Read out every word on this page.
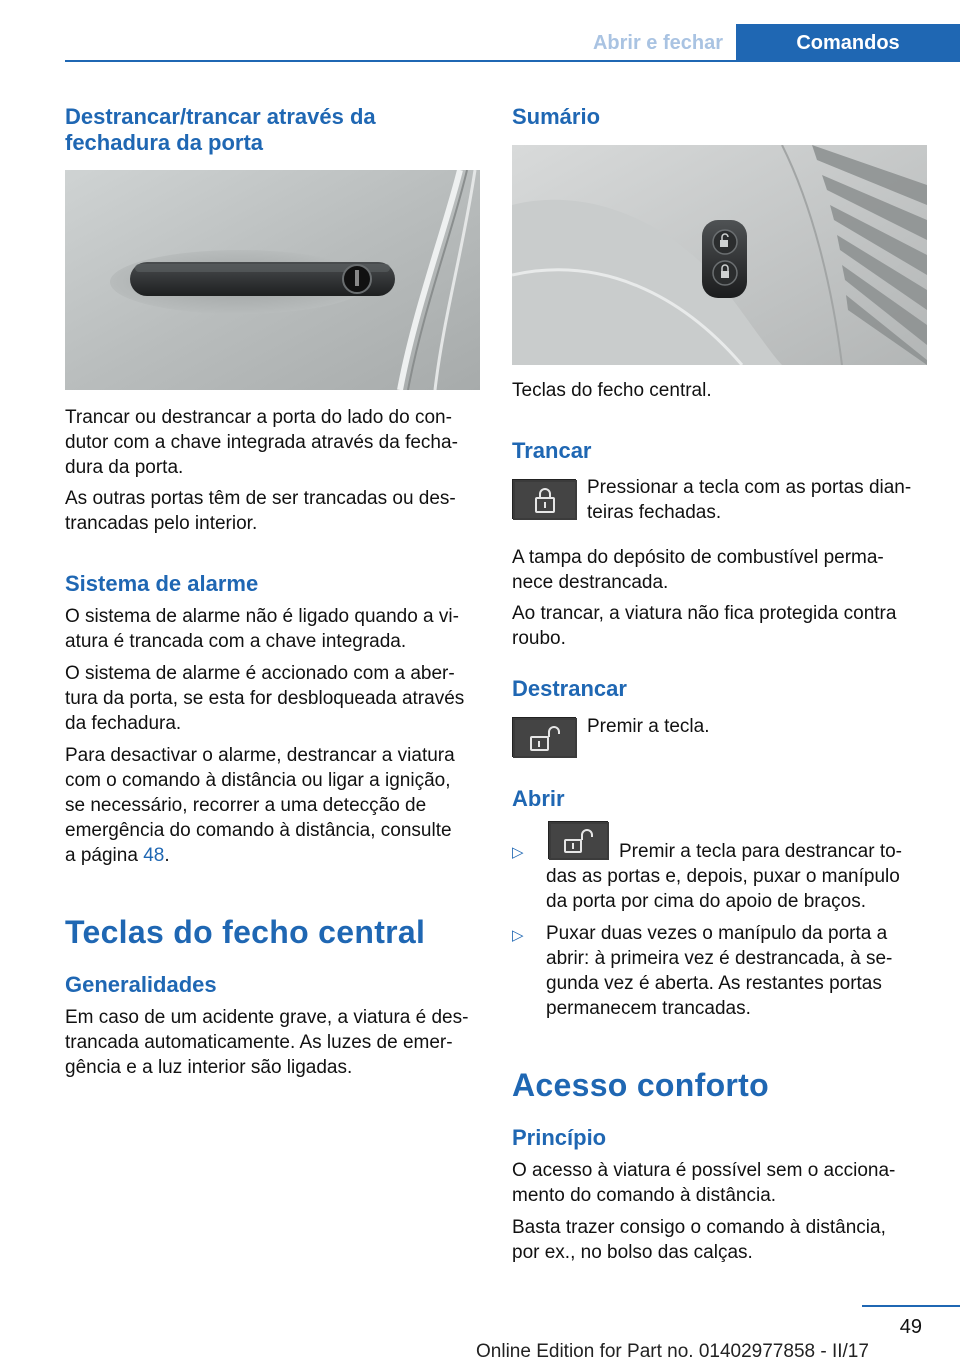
Abrir e fechar	Comandos
Destrancar/trancar através da
fechadura da porta
Trancar ou destrancar a porta do lado do con-
dutor com a chave integrada através da fecha-
dura da porta.
As outras portas têm de ser trancadas ou des-
trancadas pelo interior.
Sistema de alarme
O sistema de alarme não é ligado quando a vi-
atura é trancada com a chave integrada.
O sistema de alarme é accionado com a aber-
tura da porta, se esta for desbloqueada através
da fechadura.
Para desactivar o alarme, destrancar a viatura
com o comando à distância ou ligar a ignição,
se necessário, recorrer a uma detecção de
emergência do comando à distância, consulte
a página 48.
Teclas do fecho central
Generalidades
Em caso de um acidente grave, a viatura é des-
trancada automaticamente. As luzes de emer-
gência e a luz interior são ligadas.
Sumário
Teclas do fecho central.
Trancar
Pressionar a tecla com as portas dian-
teiras fechadas.
A tampa do depósito de combustível perma-
nece destrancada.
Ao trancar, a viatura não fica protegida contra
roubo.
Destrancar
Premir a tecla.
Abrir
▷	Premir a tecla para destrancar to-
das as portas e, depois, puxar o manípulo
da porta por cima do apoio de braços.
▷ Puxar duas vezes o manípulo da porta a
abrir: à primeira vez é destrancada, à se-
gunda vez é aberta. As restantes portas
permanecem trancadas.
Acesso conforto
Princípio
O acesso à viatura é possível sem o acciona-
mento do comando à distância.
Basta trazer consigo o comando à distância,
por ex., no bolso das calças.
49
Online Edition for Part no. 01402977858 - II/17
